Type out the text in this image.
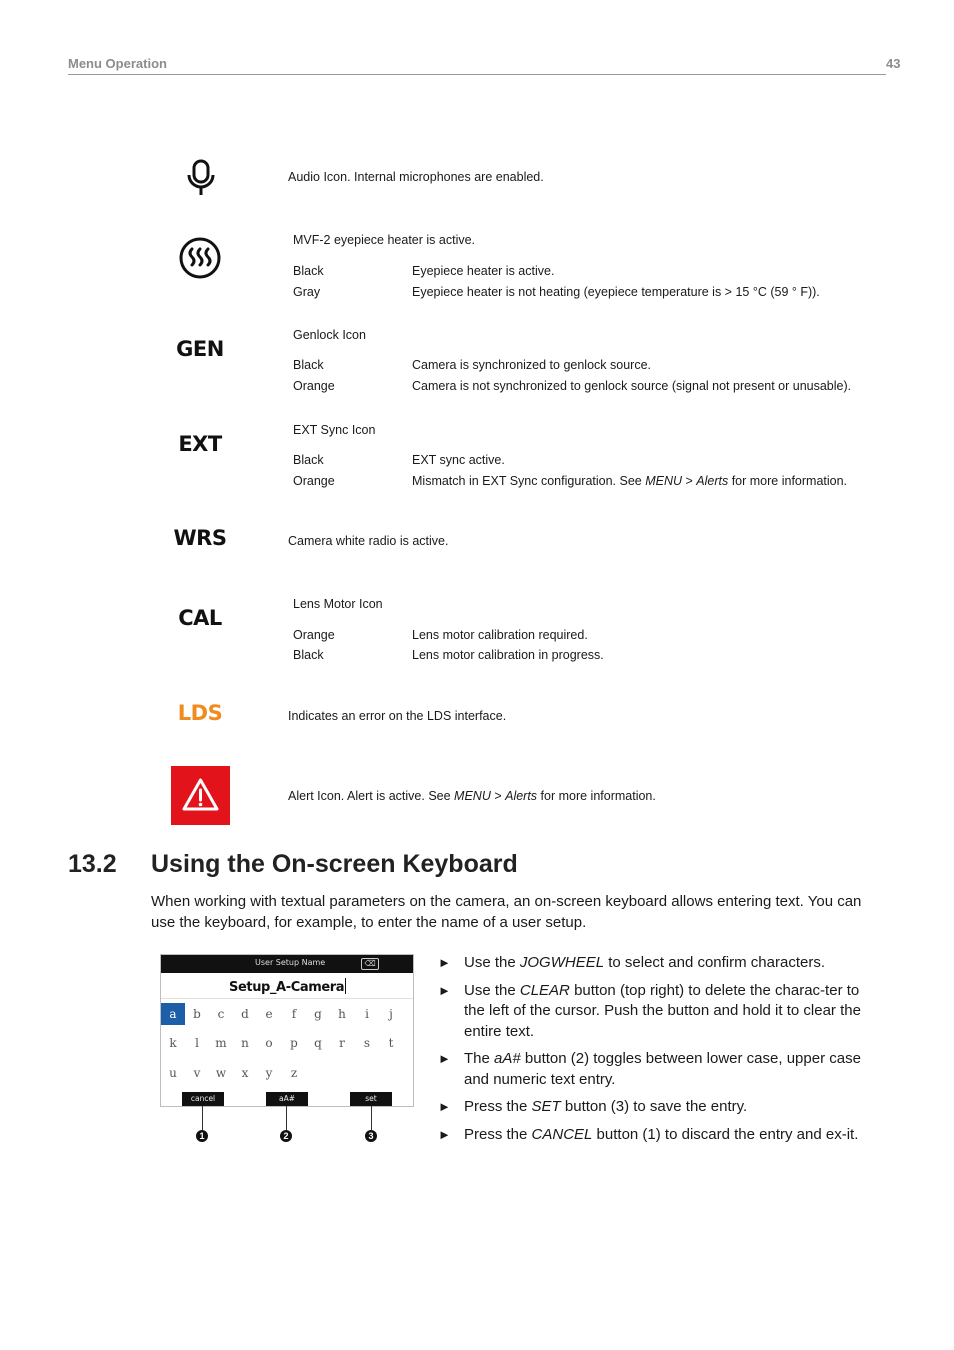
Menu Operation	43
Audio Icon. Internal microphones are enabled.
MVF-2 eyepiece heater is active.
Black	Eyepiece heater is active.
Gray	Eyepiece heater is not heating (eyepiece temperature is > 15 °C (59 ° F)).
GEN
Genlock Icon
Black	Camera is synchronized to genlock source.
Orange	Camera is not synchronized to genlock source (signal not present or unusable).
EXT
EXT Sync Icon
Black	EXT sync active.
Orange	Mismatch in EXT Sync configuration. See MENU > Alerts for more information.
WRS	Camera white radio is active.
CAL
Lens Motor Icon
Orange	Lens motor calibration required.
Black	Lens motor calibration in progress.
LDS	Indicates an error on the LDS interface.
Alert Icon. Alert is active. See MENU > Alerts for more information.
13.2 Using the On-screen Keyboard
When working with textual parameters on the camera, an on-screen keyboard allows entering text. You can use the keyboard, for example, to enter the name of a user setup.
User Setup Name	⌫
Setup_A-Camera
a	b	c	d	e	f	g	h	i	j
k	l	m	n	o	p	q	r	s	t
u	v	w	x	y	z
cancel	aA#	set
1	2	3
► Use the JOGWHEEL to select and confirm characters.
► Use the CLEAR button (top right) to delete the charac-ter to the left of the cursor. Push the button and hold it to clear the entire text.
► The aA# button (2) toggles between lower case, upper case and numeric text entry.
► Press the SET button (3) to save the entry.
► Press the CANCEL button (1) to discard the entry and ex-it.
